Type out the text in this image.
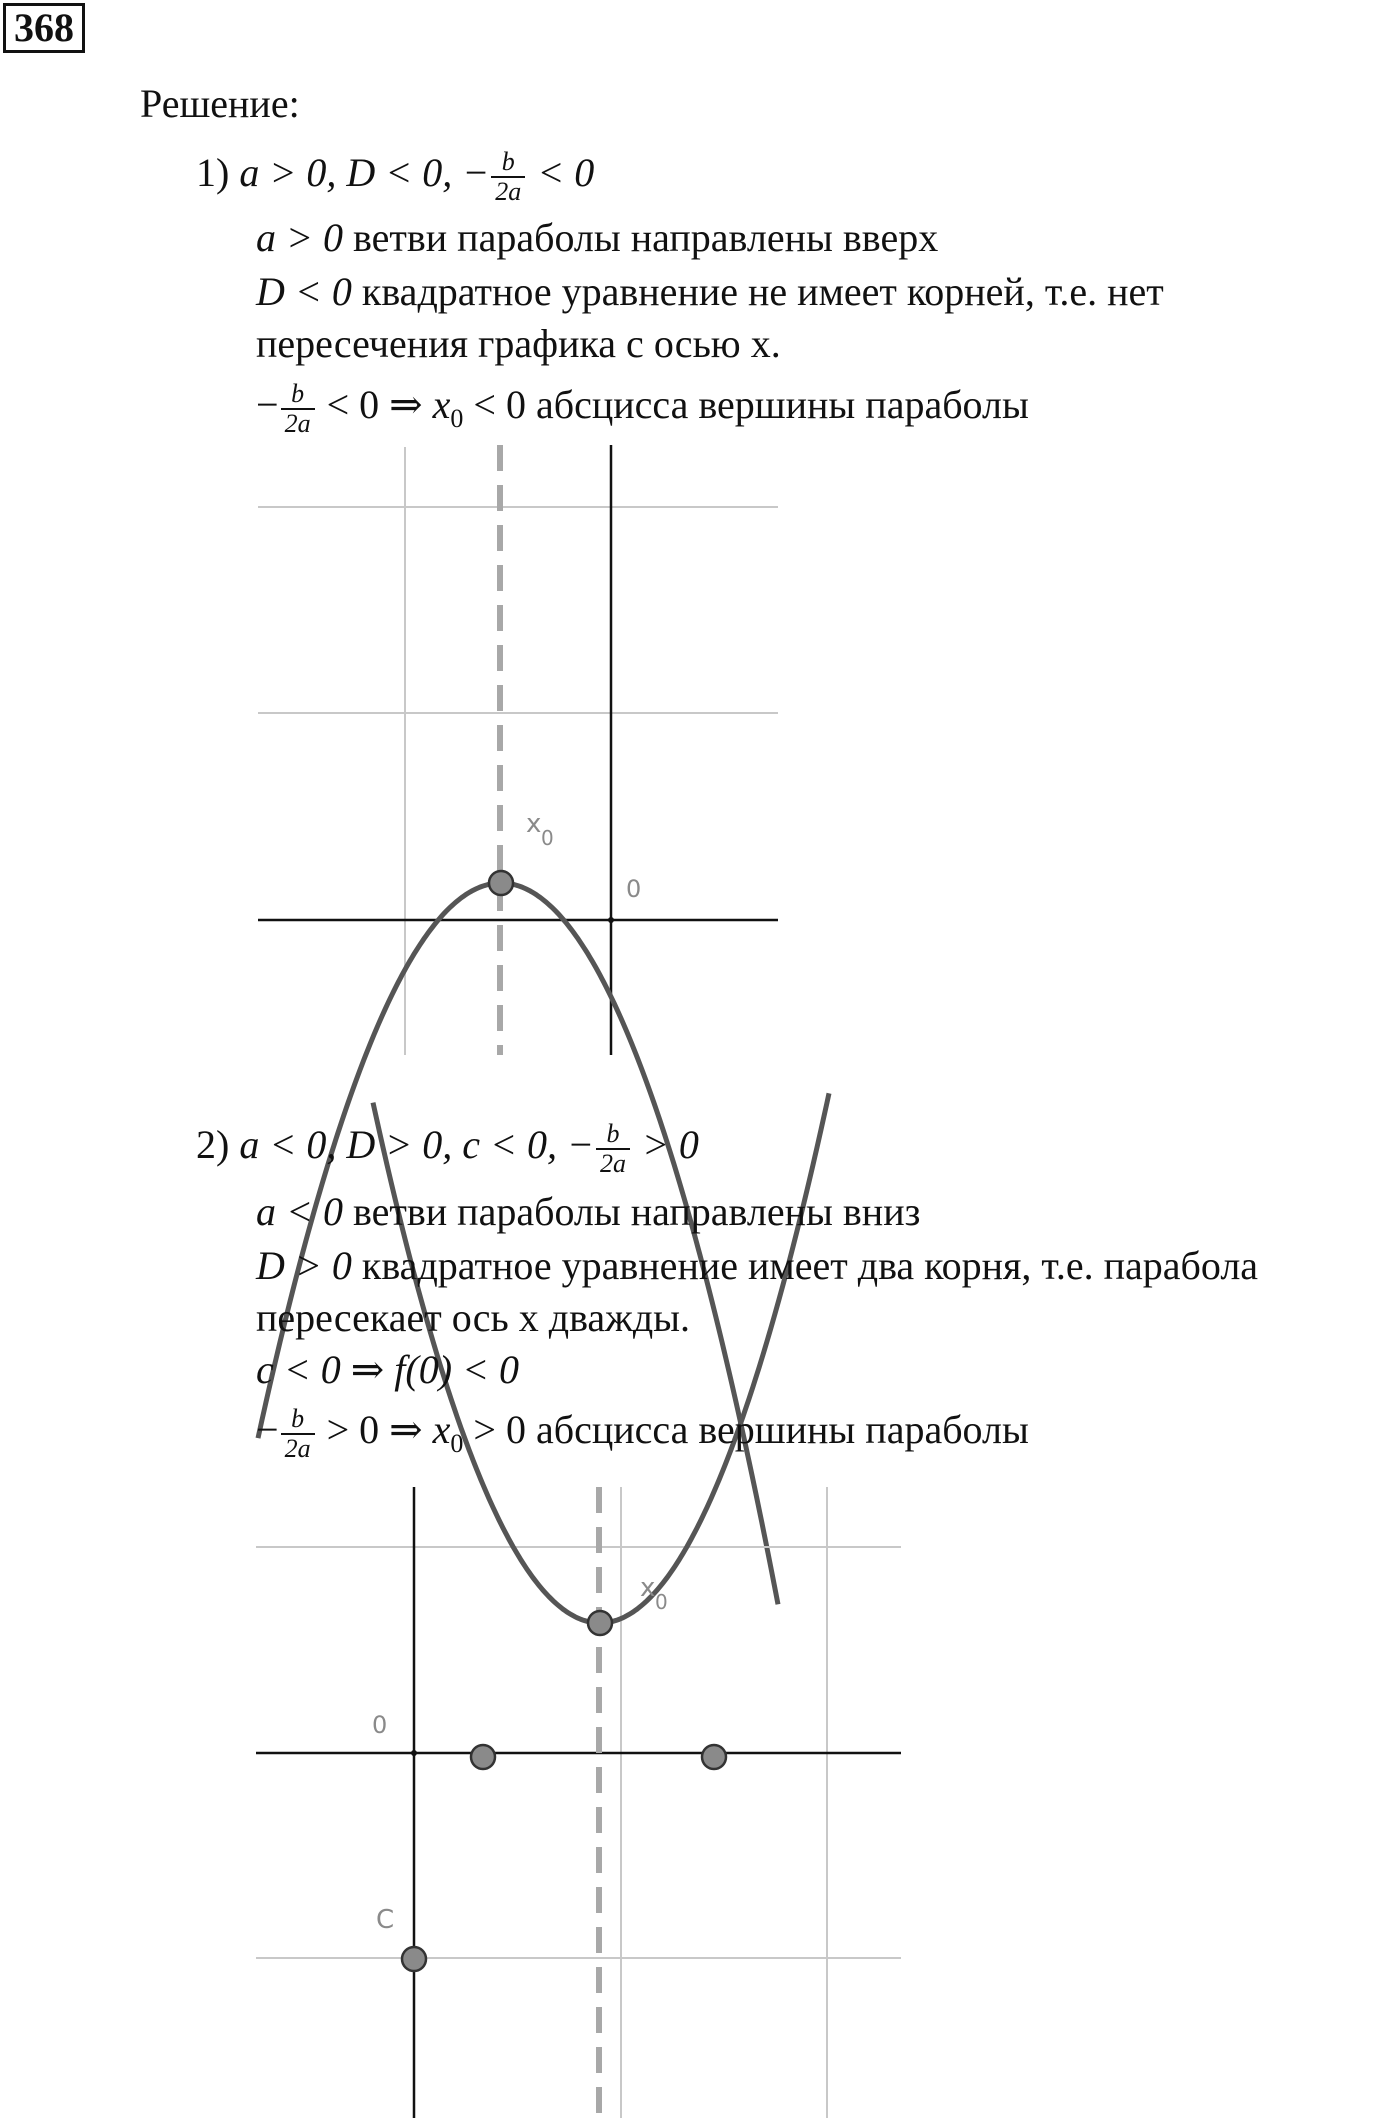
368
Решение:
1) a > 0, D < 0, − $\frac{b}{2a} < 0$
a > 0 ветви параболы направлены вверх
D < 0 квадратное уравнение не имеет корней, т.е. нет
пересечения графика с осью x.
− $\frac{b}{2a} < 0$ ⇒ $x_0 < 0$ абсцисса вершины параболы
x 0
0
x 0
0
C
2) a < 0, D > 0, c < 0, − $\frac{b}{2a} > 0$
a < 0 ветви параболы направлены вниз
D > 0 квадратное уравнение имеет два корня, т.е. парабола
пересекает ось x дважды.
c < 0 ⇒ f(0) < 0
− $\frac{b}{2a} > 0$ ⇒ $x_0 > 0$ абсцисса вершины параболы
